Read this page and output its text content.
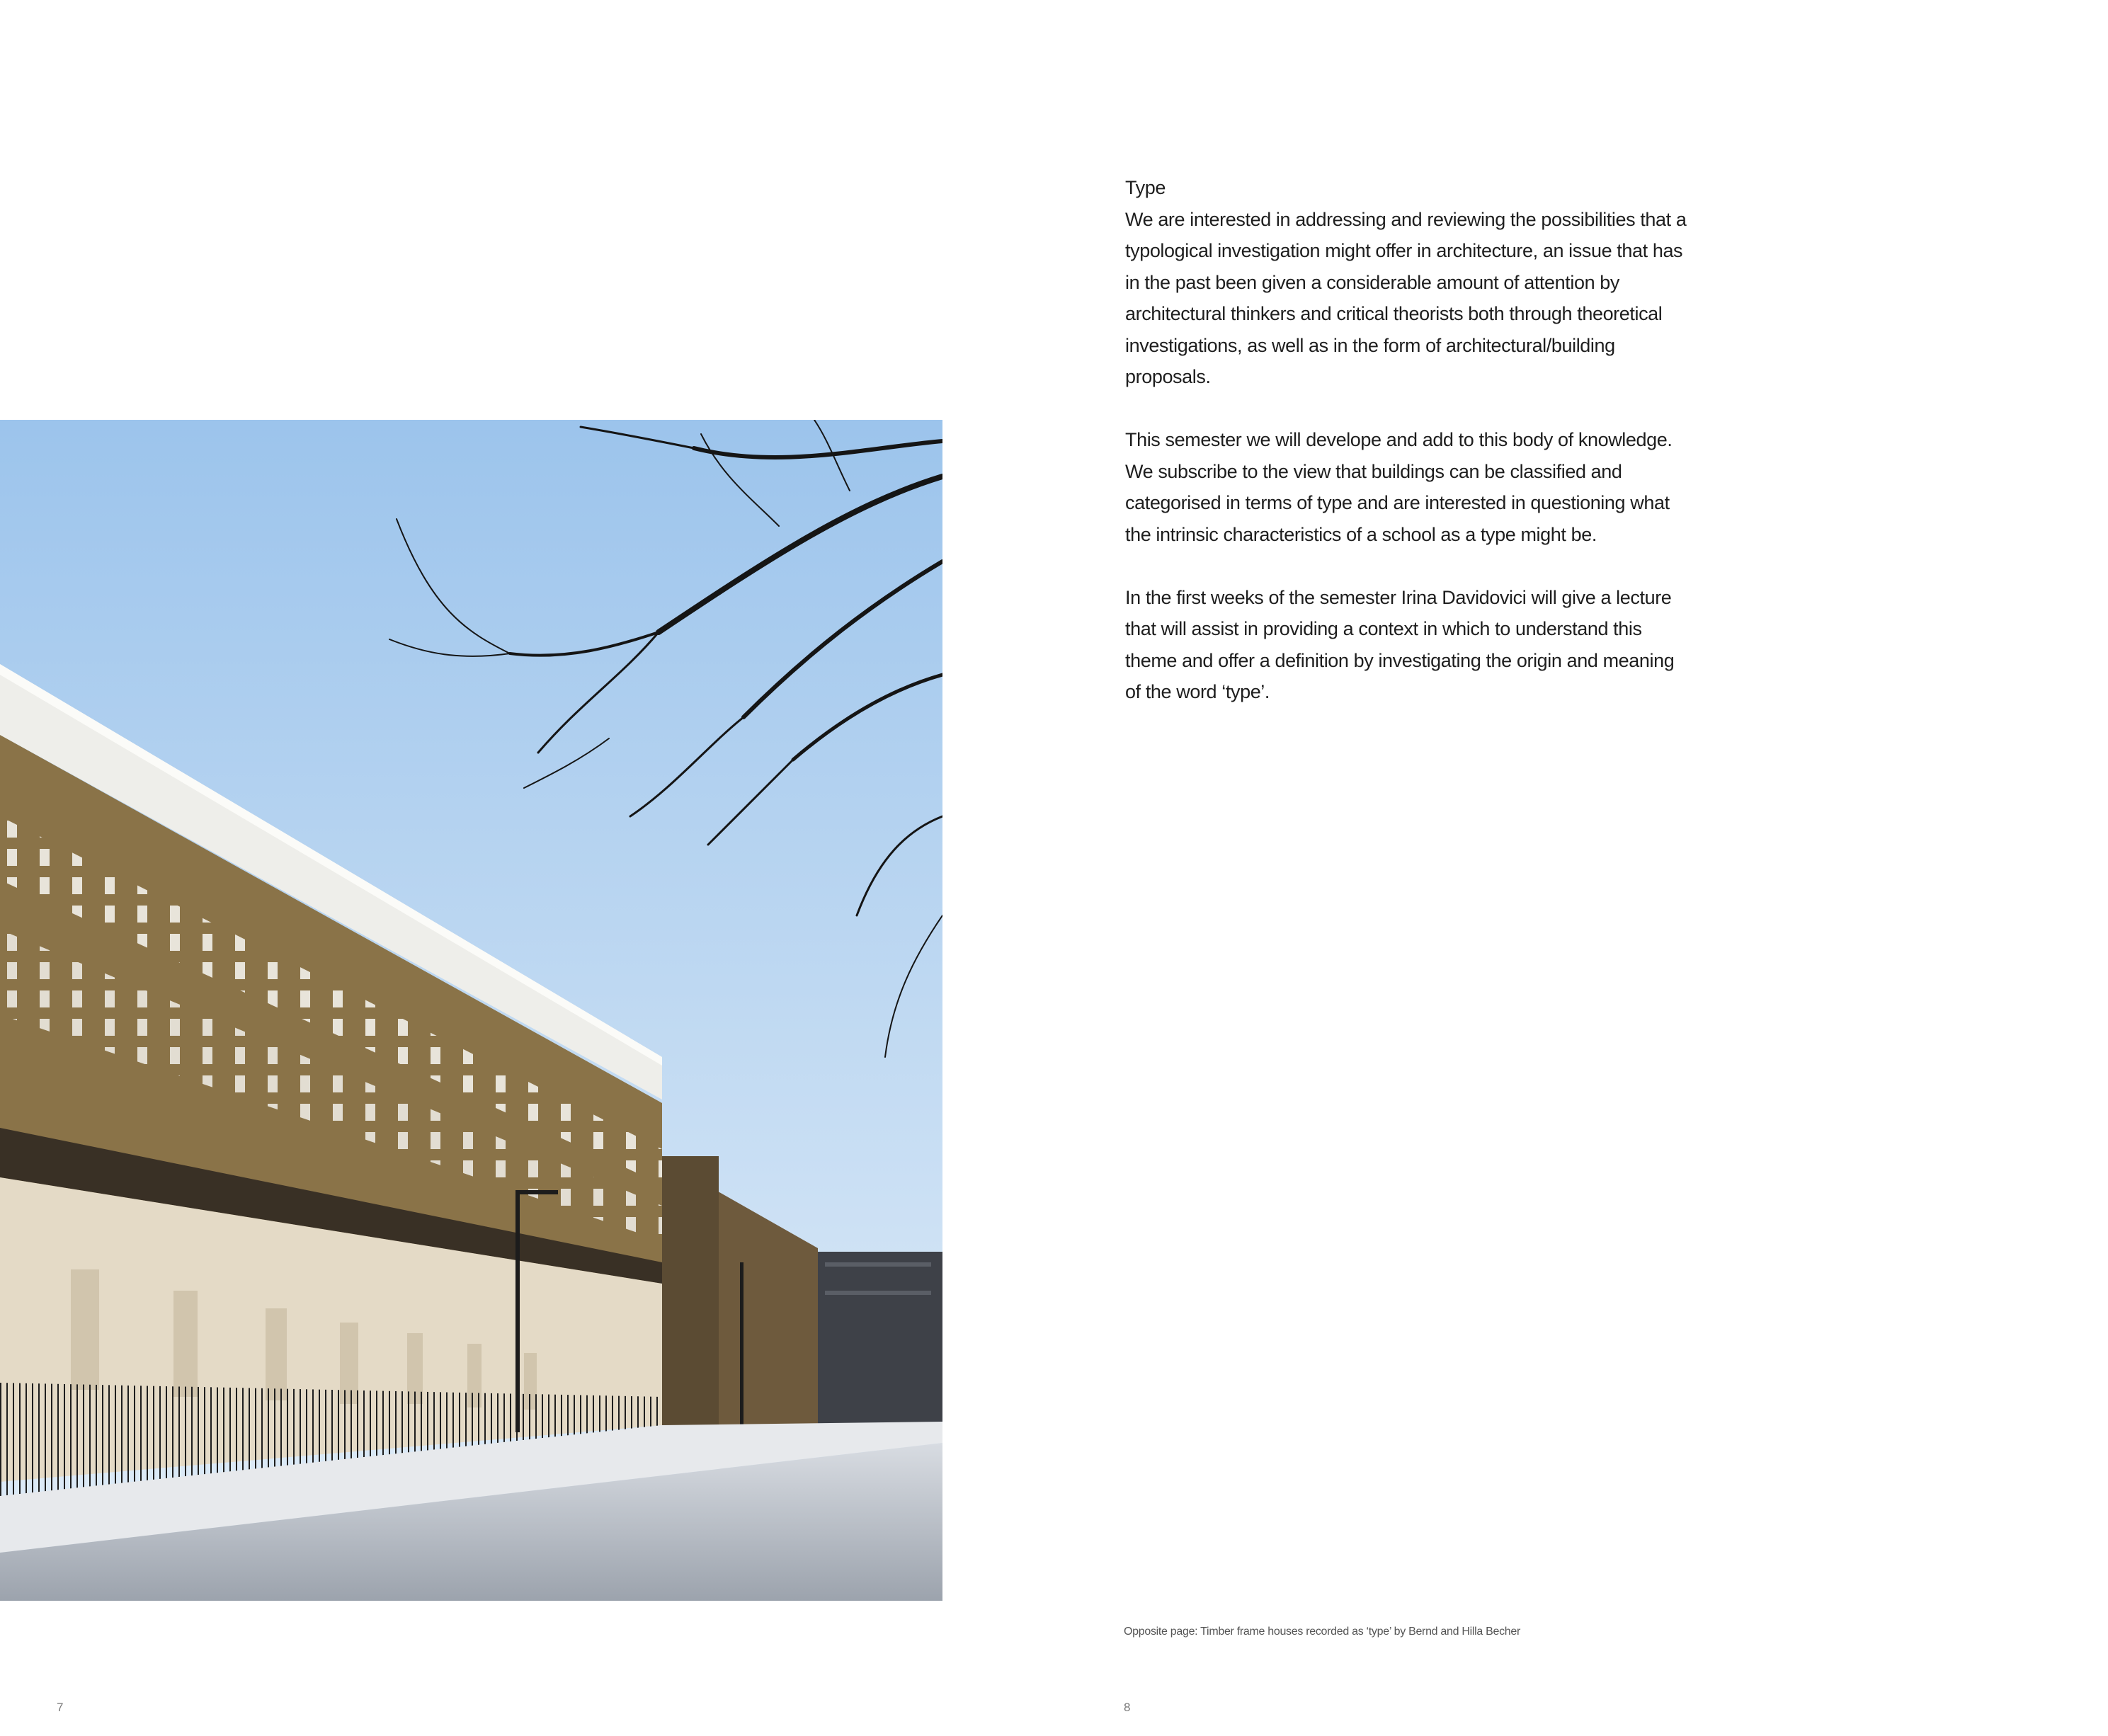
Type

We are interested in addressing and reviewing the possibilities that a typological investigation might offer in architecture, an issue that has in the past been given a considerable amount of attention by architectural thinkers and critical theorists both through theoretical investigations, as well as in the form of architectural/building proposals.

This semester we will develope and add to this body of knowledge. We subscribe to the view that buildings can be classified and categorised in terms of type and are interested in questioning what the intrinsic characteristics of a school as a type might be.

In the first weeks of the semester Irina Davidovici will give a lecture that will assist in providing a context in which to understand this theme and offer a definition by investigating the origin and meaning of the word ‘type’.

Opposite page: Timber frame houses recorded as ‘type’ by Bernd and Hilla Becher
7	8
